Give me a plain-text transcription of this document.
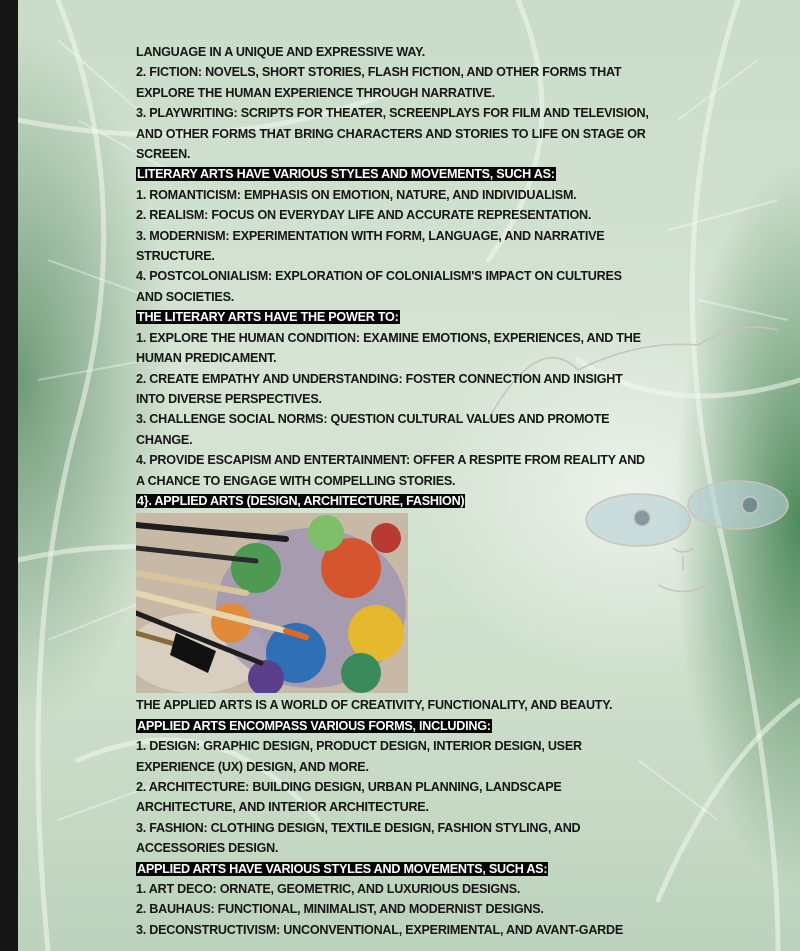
LANGUAGE IN A UNIQUE AND EXPRESSIVE WAY.
2. FICTION: NOVELS, SHORT STORIES, FLASH FICTION, AND OTHER FORMS THAT
EXPLORE THE HUMAN EXPERIENCE THROUGH NARRATIVE.
3. PLAYWRITING: SCRIPTS FOR THEATER, SCREENPLAYS FOR FILM AND TELEVISION,
AND OTHER FORMS THAT BRING CHARACTERS AND STORIES TO LIFE ON STAGE OR
SCREEN.
LITERARY ARTS HAVE VARIOUS STYLES AND MOVEMENTS, SUCH AS:
1. ROMANTICISM: EMPHASIS ON EMOTION, NATURE, AND INDIVIDUALISM.
2. REALISM: FOCUS ON EVERYDAY LIFE AND ACCURATE REPRESENTATION.
3. MODERNISM: EXPERIMENTATION WITH FORM, LANGUAGE, AND NARRATIVE
STRUCTURE.
4. POSTCOLONIALISM: EXPLORATION OF COLONIALISM'S IMPACT ON CULTURES
AND SOCIETIES.
THE LITERARY ARTS HAVE THE POWER TO:
1. EXPLORE THE HUMAN CONDITION: EXAMINE EMOTIONS, EXPERIENCES, AND THE
HUMAN PREDICAMENT.
2. CREATE EMPATHY AND UNDERSTANDING: FOSTER CONNECTION AND INSIGHT
INTO DIVERSE PERSPECTIVES.
3. CHALLENGE SOCIAL NORMS: QUESTION CULTURAL VALUES AND PROMOTE
CHANGE.
4. PROVIDE ESCAPISM AND ENTERTAINMENT: OFFER A RESPITE FROM REALITY AND
A CHANCE TO ENGAGE WITH COMPELLING STORIES.
4}. APPLIED ARTS (DESIGN, ARCHITECTURE, FASHION)
THE APPLIED ARTS IS A WORLD OF CREATIVITY, FUNCTIONALITY, AND BEAUTY.
APPLIED ARTS ENCOMPASS VARIOUS FORMS, INCLUDING:
1. DESIGN: GRAPHIC DESIGN, PRODUCT DESIGN, INTERIOR DESIGN, USER
EXPERIENCE (UX) DESIGN, AND MORE.
2. ARCHITECTURE: BUILDING DESIGN, URBAN PLANNING, LANDSCAPE
ARCHITECTURE, AND INTERIOR ARCHITECTURE.
3. FASHION: CLOTHING DESIGN, TEXTILE DESIGN, FASHION STYLING, AND
ACCESSORIES DESIGN.
APPLIED ARTS HAVE VARIOUS STYLES AND MOVEMENTS, SUCH AS:
1. ART DECO: ORNATE, GEOMETRIC, AND LUXURIOUS DESIGNS.
2. BAUHAUS: FUNCTIONAL, MINIMALIST, AND MODERNIST DESIGNS.
3. DECONSTRUCTIVISM: UNCONVENTIONAL, EXPERIMENTAL, AND AVANT-GARDE
